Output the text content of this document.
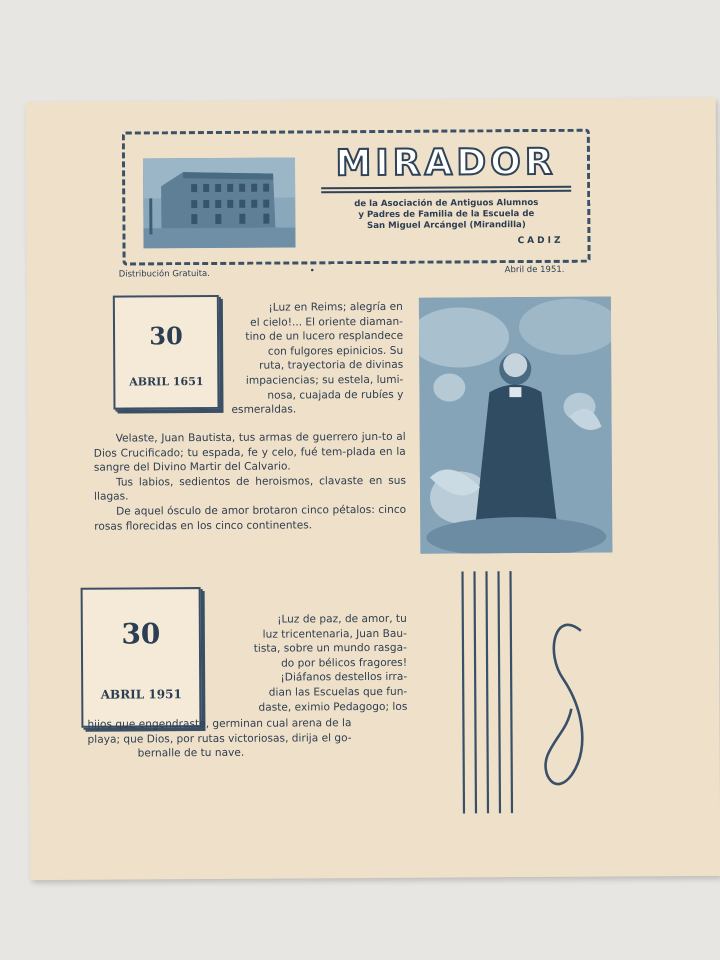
MIRADOR
de la Asociación de Antiguos Alumnos
y Padres de Familia de la Escuela de
San Miguel Arcángel (Mirandilla)
CADIZ
Distribución Gratuita.	•	Abril de 1951.
30
ABRIL 1651
¡Luz en Reims; alegría en
el cielo!... El oriente diaman-
tino de un lucero resplandece
con fulgores epinicios. Su
ruta, trayectoria de divinas
impaciencias; su estela, lumi-
nosa, cuajada de rubíes y
esmeraldas.

Velaste, Juan Bautista, tus armas de guerrero jun-to al Dios Crucificado; tu espada, fe y celo, fué tem-plada en la sangre del Divino Martir del Calvario.

Tus labios, sedientos de heroismos, clavaste en sus llagas.

De aquel ósculo de amor brotaron cinco pétalos: cinco rosas florecidas en los cinco continentes.

30
ABRIL 1951
¡Luz de paz, de amor, tu
luz tricentenaria, Juan Bau-
tista, sobre un mundo rasga-
do por bélicos fragores!
¡Diáfanos destellos irra-
dian las Escuelas que fun-
daste, eximio Pedagogo; los
hijos que engendraste, germinan cual arena de la
playa; que Dios, por rutas victoriosas, dirija el go-
bernalle de tu nave.
